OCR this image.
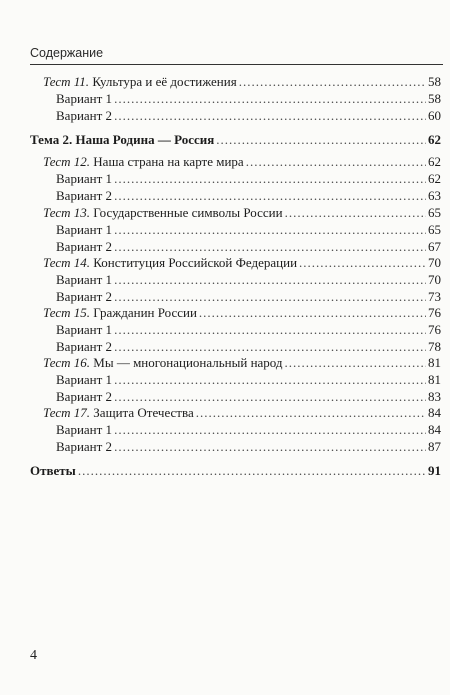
Содержание
Тест 11. Культура и её достижения .....	58
Вариант 1 .....	58
Вариант 2 .....	60
Тема 2. Наша Родина — Россия .....	62
Тест 12. Наша страна на карте мира .....	62
Вариант 1 .....	62
Вариант 2 .....	63
Тест 13. Государственные символы России .....	65
Вариант 1 .....	65
Вариант 2 .....	67
Тест 14. Конституция Российской Федерации .....	70
Вариант 1 .....	70
Вариант 2 .....	73
Тест 15. Гражданин России .....	76
Вариант 1 .....	76
Вариант 2 .....	78
Тест 16. Мы — многонациональный народ .....	81
Вариант 1 .....	81
Вариант 2 .....	83
Тест 17. Защита Отечества .....	84
Вариант 1 .....	84
Вариант 2 .....	87
Ответы .....	91
4
